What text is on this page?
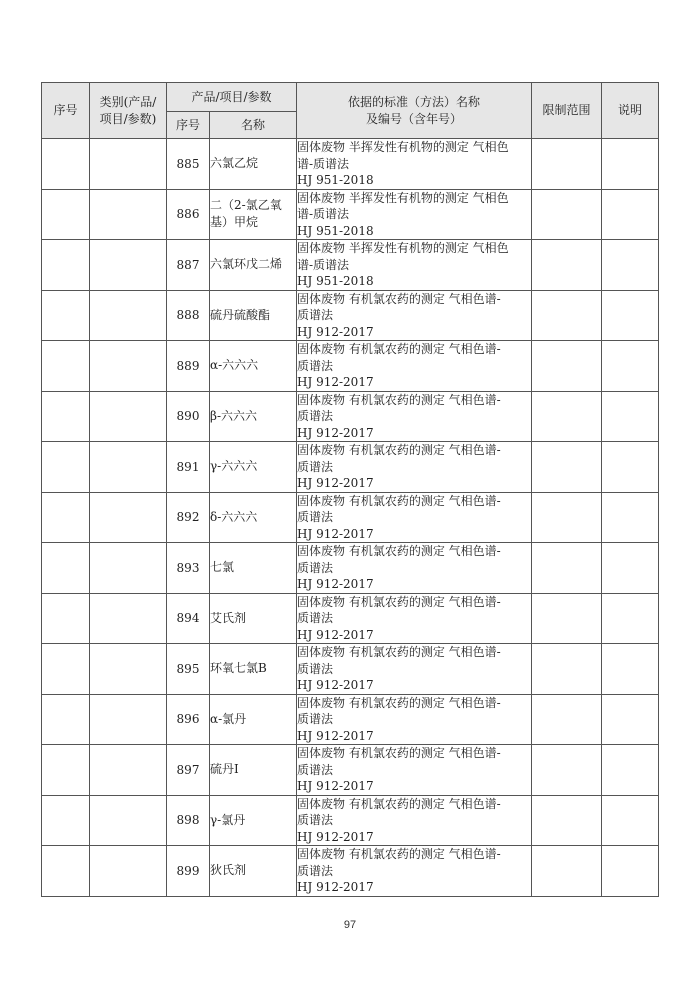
序号	类别(产品/
项目/参数)	产品/项目/参数		依据的标准（方法）名称
及编号（含年号）	限制范围	说明
		序号	名称			
		885	六氯乙烷	固体废物 半挥发性有机物的测定 气相色
谱-质谱法
HJ 951-2018		

		886	二（2-氯乙氧
基）甲烷	固体废物 半挥发性有机物的测定 气相色
谱-质谱法
HJ 951-2018		

		887	六氯环戊二烯	固体废物 半挥发性有机物的测定 气相色
谱-质谱法
HJ 951-2018		

		888	硫丹硫酸酯	固体废物 有机氯农药的测定 气相色谱-
质谱法
HJ 912-2017		

		889	α-六六六	固体废物 有机氯农药的测定 气相色谱-
质谱法
HJ 912-2017		

		890	β-六六六	固体废物 有机氯农药的测定 气相色谱-
质谱法
HJ 912-2017		

		891	γ-六六六	固体废物 有机氯农药的测定 气相色谱-
质谱法
HJ 912-2017		

		892	δ-六六六	固体废物 有机氯农药的测定 气相色谱-
质谱法
HJ 912-2017		

		893	七氯	固体废物 有机氯农药的测定 气相色谱-
质谱法
HJ 912-2017		

		894	艾氏剂	固体废物 有机氯农药的测定 气相色谱-
质谱法
HJ 912-2017		

		895	环氧七氯B	固体废物 有机氯农药的测定 气相色谱-
质谱法
HJ 912-2017		

		896	α-氯丹	固体废物 有机氯农药的测定 气相色谱-
质谱法
HJ 912-2017		

		897	硫丹I	固体废物 有机氯农药的测定 气相色谱-
质谱法
HJ 912-2017		

		898	γ-氯丹	固体废物 有机氯农药的测定 气相色谱-
质谱法
HJ 912-2017		

		899	狄氏剂	固体废物 有机氯农药的测定 气相色谱-
质谱法
HJ 912-2017		

97
